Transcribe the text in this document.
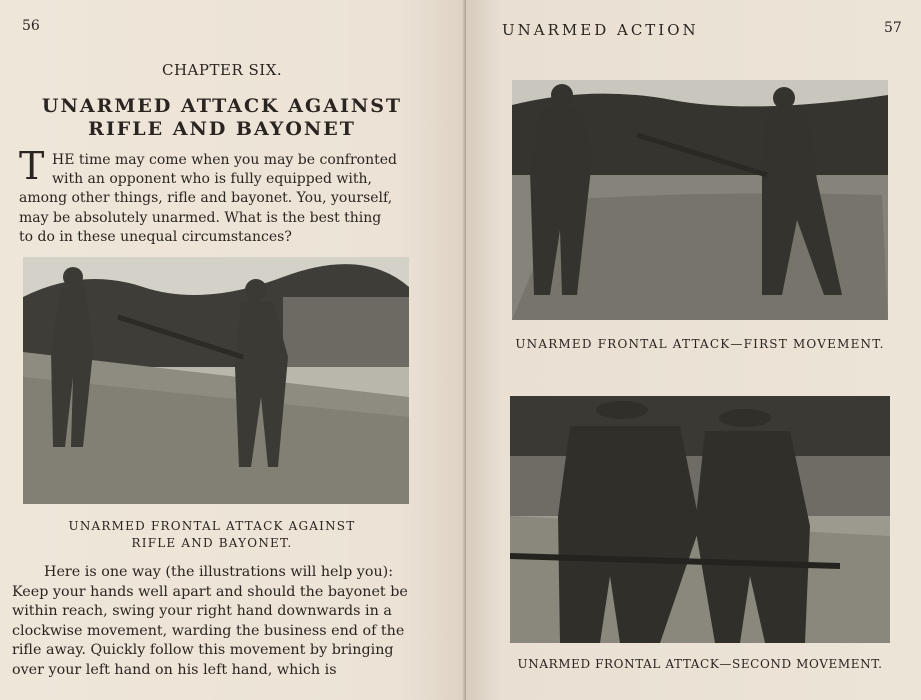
56
CHAPTER SIX.
UNARMED ATTACK AGAINST
RIFLE AND BAYONET
T HE time may come when you may be confronted
with an opponent who is fully equipped with,
among other things, rifle and bayonet. You, yourself,
may be absolutely unarmed. What is the best thing
to do in these unequal circumstances?
UNARMED FRONTAL ATTACK AGAINST
RIFLE AND BAYONET.
Here is one way (the illustrations will help you):
Keep your hands well apart and should the bayonet be
within reach, swing your right hand downwards in a
clockwise movement, warding the business end of the
rifle away. Quickly follow this movement by bringing
over your left hand on his left hand, which is
UNARMED ACTION	57
UNARMED FRONTAL ATTACK—FIRST MOVEMENT.
UNARMED FRONTAL ATTACK—SECOND MOVEMENT.
